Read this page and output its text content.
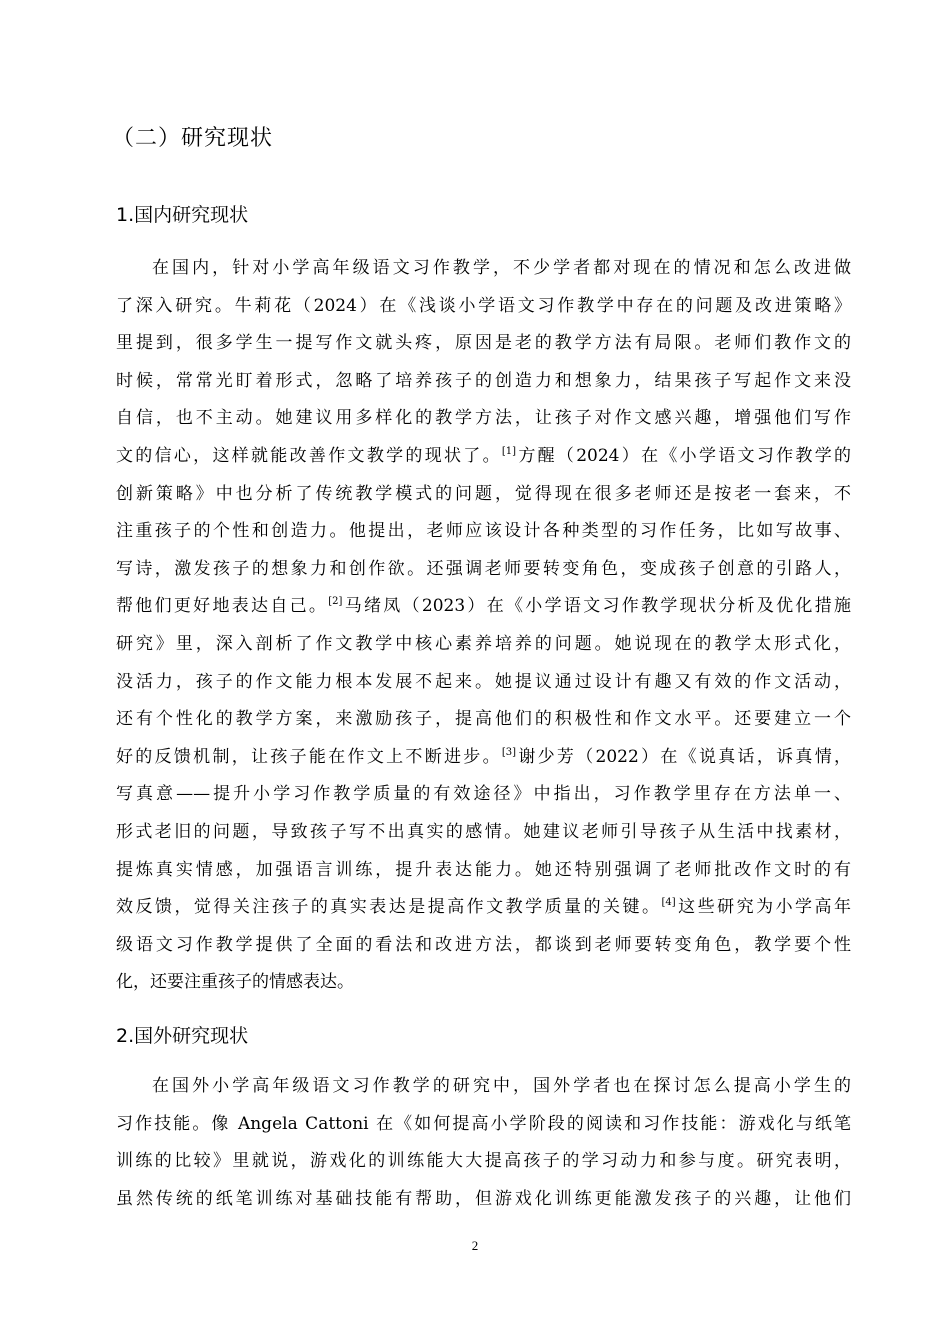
（二）研究现状
1.国内研究现状
在国内，针对小学高年级语文习作教学，不少学者都对现在的情况和怎么改进做
了深入研究。牛莉花（2024）在《浅谈小学语文习作教学中存在的问题及改进策略》
里提到，很多学生一提写作文就头疼，原因是老的教学方法有局限。老师们教作文的
时候，常常光盯着形式，忽略了培养孩子的创造力和想象力，结果孩子写起作文来没
自信，也不主动。她建议用多样化的教学方法，让孩子对作文感兴趣，增强他们写作
文的信心，这样就能改善作文教学的现状了。[1]方醒（2024）在《小学语文习作教学的
创新策略》中也分析了传统教学模式的问题，觉得现在很多老师还是按老一套来，不
注重孩子的个性和创造力。他提出，老师应该设计各种类型的习作任务，比如写故事、
写诗，激发孩子的想象力和创作欲。还强调老师要转变角色，变成孩子创意的引路人，
帮他们更好地表达自己。[2]马绪凤（2023）在《小学语文习作教学现状分析及优化措施
研究》里，深入剖析了作文教学中核心素养培养的问题。她说现在的教学太形式化，
没活力，孩子的作文能力根本发展不起来。她提议通过设计有趣又有效的作文活动，
还有个性化的教学方案，来激励孩子，提高他们的积极性和作文水平。还要建立一个
好的反馈机制，让孩子能在作文上不断进步。[3]谢少芳（2022）在《说真话，诉真情，
写真意——提升小学习作教学质量的有效途径》中指出，习作教学里存在方法单一、
形式老旧的问题，导致孩子写不出真实的感情。她建议老师引导孩子从生活中找素材，
提炼真实情感，加强语言训练，提升表达能力。她还特别强调了老师批改作文时的有
效反馈，觉得关注孩子的真实表达是提高作文教学质量的关键。[4]这些研究为小学高年
级语文习作教学提供了全面的看法和改进方法，都谈到老师要转变角色，教学要个性
化，还要注重孩子的情感表达。
2.国外研究现状
在国外小学高年级语文习作教学的研究中，国外学者也在探讨怎么提高小学生的
习作技能。像 Angela Cattoni 在《如何提高小学阶段的阅读和习作技能：游戏化与纸笔
训练的比较》里就说，游戏化的训练能大大提高孩子的学习动力和参与度。研究表明，
虽然传统的纸笔训练对基础技能有帮助，但游戏化训练更能激发孩子的兴趣，让他们
2
